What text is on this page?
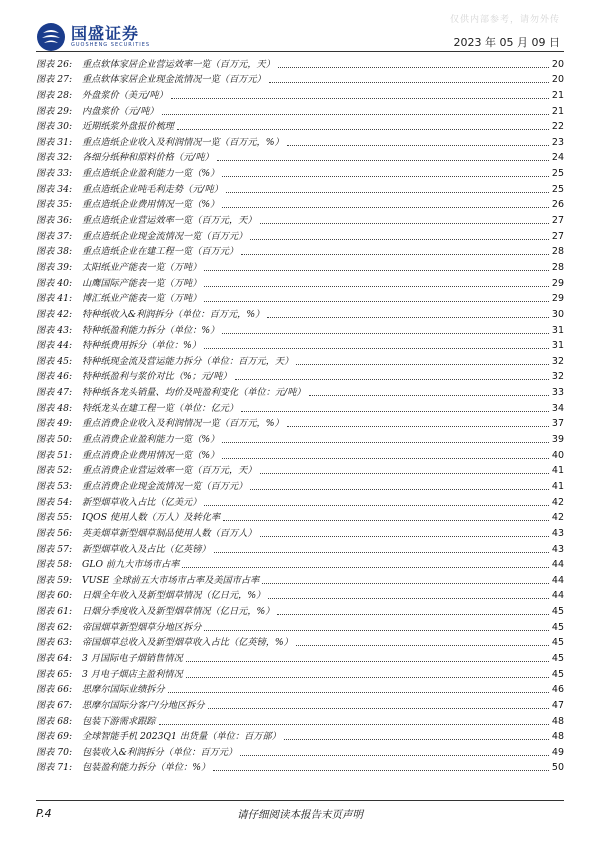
国盛证券
GUOSHENG SECURITIES
仅供内部参考，请勿外传
2023 年 05 月 09 日
图表 26:	重点软体家居企业营运效率一览（百万元，天）	20
图表 27:	重点软体家居企业现金流情况一览（百万元）	20
图表 28:	外盘浆价（美元/吨）	21
图表 29:	内盘浆价（元/吨）	21
图表 30:	近期纸浆外盘报价梳理	22
图表 31:	重点造纸企业收入及利润情况一览（百万元，%）	23
图表 32:	各细分纸种和原料价格（元/吨）	24
图表 33:	重点造纸企业盈利能力一览（%）	25
图表 34:	重点造纸企业吨毛利走势（元/吨）	25
图表 35:	重点造纸企业费用情况一览（%）	26
图表 36:	重点造纸企业营运效率一览（百万元，天）	27
图表 37:	重点造纸企业现金流情况一览（百万元）	27
图表 38:	重点造纸企业在建工程一览（百万元）	28
图表 39:	太阳纸业产能表一览（万吨）	28
图表 40:	山鹰国际产能表一览（万吨）	29
图表 41:	博汇纸业产能表一览（万吨）	29
图表 42:	特种纸收入&利润拆分（单位：百万元，%）	30
图表 43:	特种纸盈利能力拆分（单位：%）	31
图表 44:	特种纸费用拆分（单位：%）	31
图表 45:	特种纸现金流及营运能力拆分（单位：百万元，天）	32
图表 46:	特种纸盈利与浆价对比（%；元/吨）	32
图表 47:	特种纸各龙头销量、均价及吨盈利变化（单位：元/吨）	33
图表 48:	特纸龙头在建工程一览（单位：亿元）	34
图表 49:	重点消费企业收入及利润情况一览（百万元，%）	37
图表 50:	重点消费企业盈利能力一览（%）	39
图表 51:	重点消费企业费用情况一览（%）	40
图表 52:	重点消费企业营运效率一览（百万元，天）	41
图表 53:	重点消费企业现金流情况一览（百万元）	41
图表 54:	新型烟草收入占比（亿美元）	42
图表 55:	IQOS 使用人数（万人）及转化率	42
图表 56:	英美烟草新型烟草制品使用人数（百万人）	43
图表 57:	新型烟草收入及占比（亿英镑）	43
图表 58:	GLO 前九大市场市占率	44
图表 59:	VUSE 全球前五大市场市占率及美国市占率	44
图表 60:	日烟全年收入及新型烟草情况（亿日元，%）	44
图表 61:	日烟分季度收入及新型烟草情况（亿日元，%）	45
图表 62:	帝国烟草新型烟草分地区拆分	45
图表 63:	帝国烟草总收入及新型烟草收入占比（亿英镑，%）	45
图表 64:	3 月国际电子烟销售情况	45
图表 65:	3 月电子烟店主盈利情况	45
图表 66:	思摩尔国际业绩拆分	46
图表 67:	思摩尔国际分客户/分地区拆分	47
图表 68:	包装下游需求跟踪	48
图表 69:	全球智能手机 2023Q1 出货量（单位：百万部）	48
图表 70:	包装收入&利润拆分（单位：百万元）	49
图表 71:	包装盈利能力拆分（单位：%）	50
请仔细阅读本报告末页声明
P.4
